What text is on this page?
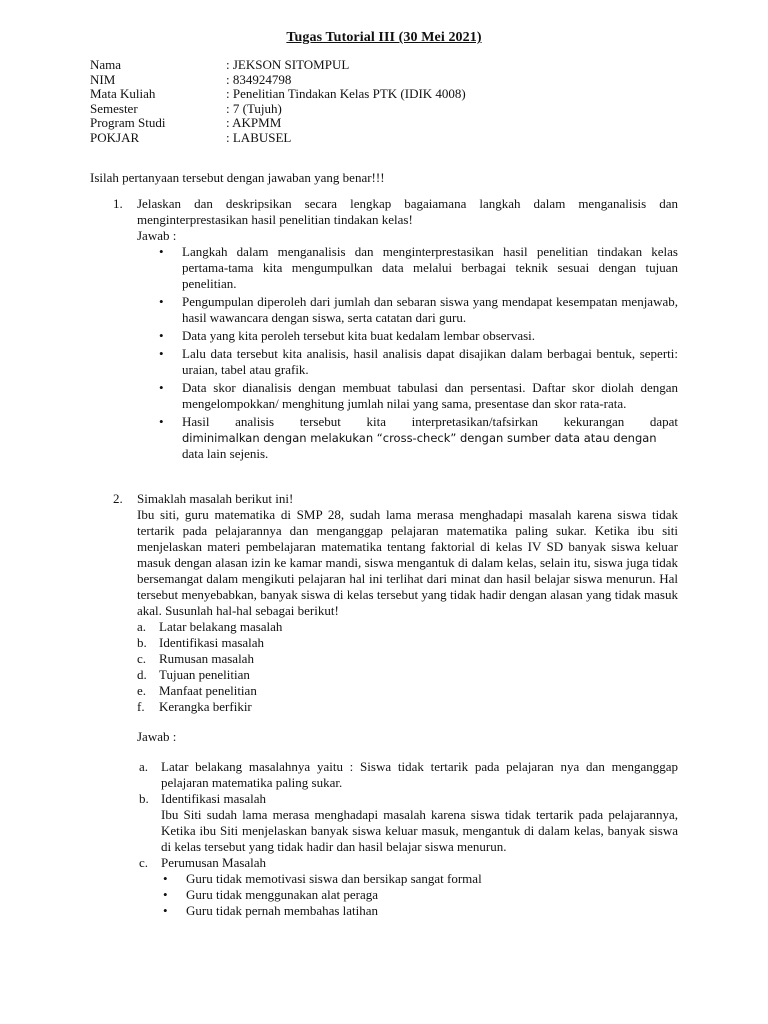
Tugas Tutorial III (30 Mei 2021)
Nama	: JEKSON SITOMPUL
NIM	: 834924798
Mata Kuliah	: Penelitian Tindakan Kelas PTK (IDIK 4008)
Semester	: 7 (Tujuh)
Program Studi	: AKPMM
POKJAR	: LABUSEL
Isilah pertanyaan tersebut dengan jawaban yang benar!!!
1.	Jelaskan dan deskripsikan secara lengkap bagaiamana langkah dalam menganalisis dan menginterprestasikan hasil penelitian tindakan kelas!
Jawab :
•	Langkah dalam menganalisis dan menginterprestasikan hasil penelitian tindakan kelas pertama-tama kita mengumpulkan data melalui berbagai teknik sesuai dengan tujuan penelitian.
•	Pengumpulan diperoleh dari jumlah dan sebaran siswa yang mendapat kesempatan menjawab, hasil wawancara dengan siswa, serta catatan dari guru.
•	Data yang kita peroleh tersebut kita buat kedalam lembar observasi.
•	Lalu data tersebut kita analisis, hasil analisis dapat disajikan dalam berbagai bentuk, seperti: uraian, tabel atau grafik.
•	Data skor dianalisis dengan membuat tabulasi dan persentasi. Daftar skor diolah dengan mengelompokkan/ menghitung jumlah nilai yang sama, presentase dan skor rata-rata.
•	Hasil analisis tersebut kita interpretasikan/tafsirkan kekurangan dapat
diminimalkan dengan melakukan “cross-check” dengan sumber data atau dengan
data lain sejenis.
2.	Simaklah masalah berikut ini!
Ibu siti, guru matematika di SMP 28, sudah lama merasa menghadapi masalah karena siswa tidak tertarik pada pelajarannya dan menganggap pelajaran matematika paling sukar. Ketika ibu siti menjelaskan materi pembelajaran matematika tentang faktorial di kelas IV SD banyak siswa keluar masuk dengan alasan izin ke kamar mandi, siswa mengantuk di dalam kelas, selain itu, siswa juga tidak bersemangat dalam mengikuti pelajaran hal ini terlihat dari minat dan hasil belajar siswa menurun. Hal tersebut menyebabkan, banyak siswa di kelas tersebut yang tidak hadir dengan alasan yang tidak masuk akal. Susunlah hal-hal sebagai berikut!
a. Latar belakang masalah
b. Identifikasi masalah
c. Rumusan masalah
d. Tujuan penelitian
e. Manfaat penelitian
f.	Kerangka berfikir
Jawab :
a. Latar belakang masalahnya yaitu : Siswa tidak tertarik pada pelajaran nya dan menganggap pelajaran matematika paling sukar.
b. Identifikasi masalah
Ibu Siti sudah lama merasa menghadapi masalah karena siswa tidak tertarik pada pelajarannya, Ketika ibu Siti menjelaskan banyak siswa keluar masuk, mengantuk di dalam kelas, banyak siswa di kelas tersebut yang tidak hadir dan hasil belajar siswa menurun.
c. Perumusan Masalah
•	Guru tidak memotivasi siswa dan bersikap sangat formal
•	Guru tidak menggunakan alat peraga
•	Guru tidak pernah membahas latihan
